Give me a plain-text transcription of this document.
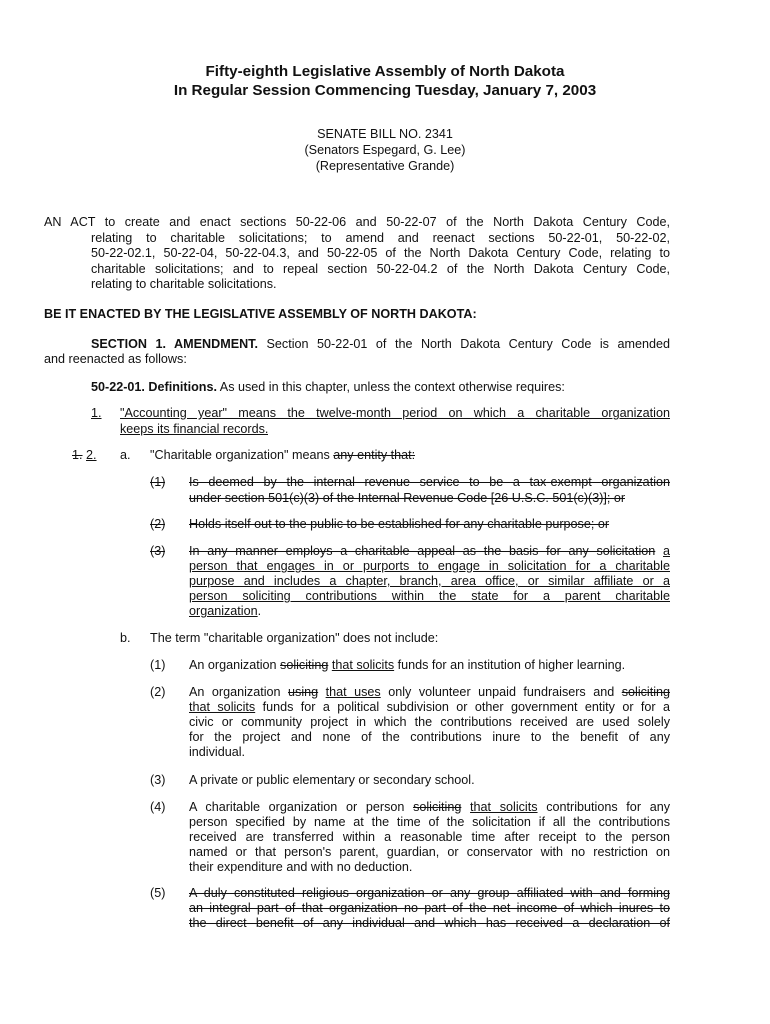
Fifty-eighth Legislative Assembly of North Dakota
In Regular Session Commencing Tuesday, January 7, 2003
SENATE BILL NO. 2341
(Senators Espegard, G. Lee)
(Representative Grande)
AN ACT to create and enact sections 50-22-06 and 50-22-07 of the North Dakota Century Code,
relating to charitable solicitations; to amend and reenact sections 50-22-01, 50-22-02,
50-22-02.1, 50-22-04, 50-22-04.3, and 50-22-05 of the North Dakota Century Code, relating to
charitable solicitations; and to repeal section 50-22-04.2 of the North Dakota Century Code,
relating to charitable solicitations.
BE IT ENACTED BY THE LEGISLATIVE ASSEMBLY OF NORTH DAKOTA:
SECTION 1. AMENDMENT. Section 50-22-01 of the North Dakota Century Code is amended
and reenacted as follows:
50-22-01. Definitions. As used in this chapter, unless the context otherwise requires:
1. "Accounting year" means the twelve-month period on which a charitable organization
keeps its financial records.
1. 2. a. "Charitable organization" means any entity that:
(1) Is deemed by the internal revenue service to be a tax-exempt organization
under section 501(c)(3) of the Internal Revenue Code [26 U.S.C. 501(c)(3)]; or
(2) Holds itself out to the public to be established for any charitable purpose; or
(3) In any manner employs a charitable appeal as the basis for any solicitation a
person that engages in or purports to engage in solicitation for a charitable
purpose and includes a chapter, branch, area office, or similar affiliate or a
person soliciting contributions within the state for a parent charitable
organization.
b. The term "charitable organization" does not include:
(1) An organization soliciting that solicits funds for an institution of higher learning.
(2) An organization using that uses only volunteer unpaid fundraisers and soliciting
that solicits funds for a political subdivision or other government entity or for a
civic or community project in which the contributions received are used solely
for the project and none of the contributions inure to the benefit of any
individual.
(3) A private or public elementary or secondary school.
(4) A charitable organization or person soliciting that solicits contributions for any
person specified by name at the time of the solicitation if all the contributions
received are transferred within a reasonable time after receipt to the person
named or that person's parent, guardian, or conservator with no restriction on
their expenditure and with no deduction.
(5) A duly constituted religious organization or any group affiliated with and forming
an integral part of that organization no part of the net income of which inures to
the direct benefit of any individual and which has received a declaration of
